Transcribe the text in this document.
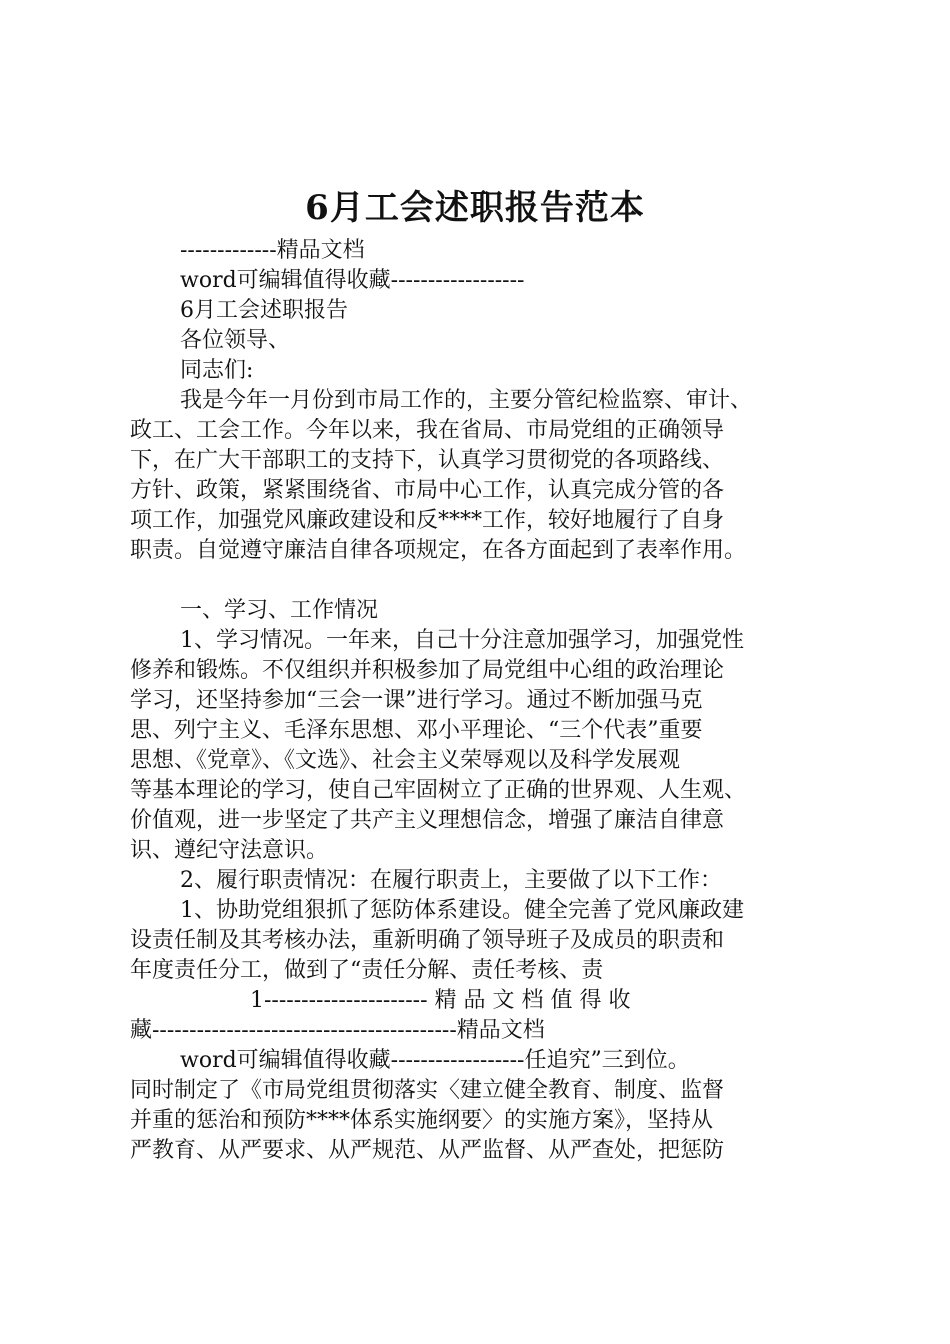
6月工会述职报告范本
-------------精品文档
word可编辑值得收藏------------------
6月工会述职报告
各位领导、
同志们:
我是今年一月份到市局工作的，主要分管纪检监察、审计、
政工、工会工作。今年以来，我在省局、市局党组的正确领导
下，在广大干部职工的支持下，认真学习贯彻党的各项路线、
方针、政策，紧紧围绕省、市局中心工作，认真完成分管的各
项工作，加强党风廉政建设和反****工作，较好地履行了自身
职责。自觉遵守廉洁自律各项规定，在各方面起到了表率作用。
一、学习、工作情况
1、学习情况。一年来，自己十分注意加强学习，加强党性
修养和锻炼。不仅组织并积极参加了局党组中心组的政治理论
学习，还坚持参加“三会一课”进行学习。通过不断加强马克
思、列宁主义、毛泽东思想、邓小平理论、“三个代表”重要
思想、《党章》、《文选》、社会主义荣辱观以及科学发展观
等基本理论的学习，使自己牢固树立了正确的世界观、人生观、
价值观，进一步坚定了共产主义理想信念，增强了廉洁自律意
识、遵纪守法意识。
2、履行职责情况：在履行职责上，主要做了以下工作：
1、协助党组狠抓了惩防体系建设。健全完善了党风廉政建
设责任制及其考核办法，重新明确了领导班子及成员的职责和
年度责任分工，做到了“责任分解、责任考核、责
1---------------------- 精 品 文 档 值 得 收
藏-----------------------------------------精品文档
word可编辑值得收藏------------------任追究”三到位。
同时制定了《市局党组贯彻落实〈建立健全教育、制度、监督
并重的惩治和预防****体系实施纲要〉的实施方案》，坚持从
严教育、从严要求、从严规范、从严监督、从严查处，把惩防
